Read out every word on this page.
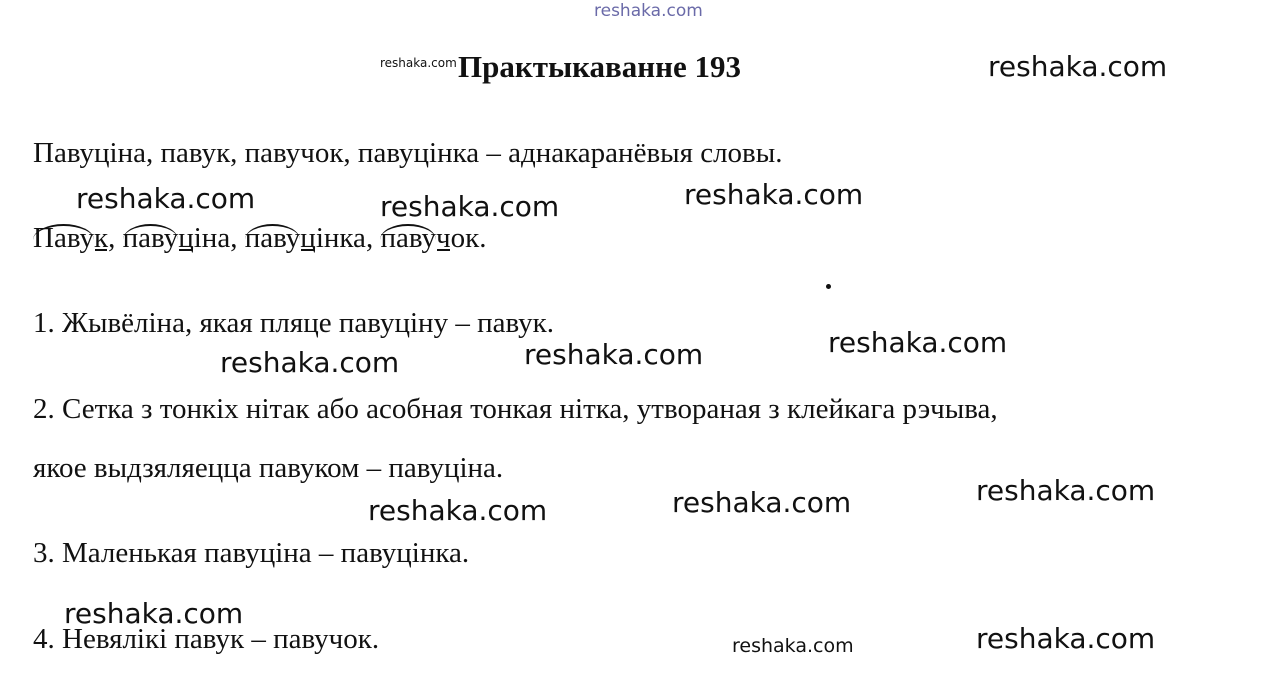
reshaka.com
reshaka.com Практыкаванне 193	reshaka.com
Павуціна, павук, павучок, павуцінка – аднакаранёвыя словы.
reshaka.com	reshaka.com	reshaka.com
Павук,
павуціна,
павуцінка,
павучок.
1. Жывёліна, якая пляце павуціну – павук.
reshaka.com	reshaka.com	reshaka.com
2. Сетка з тонкіх нітак або асобная тонкая нітка, утвораная з клейкага рэчыва,
якое выдзяляецца павуком – павуціна.
reshaka.com
reshaka.com
reshaka.com
3. Маленькая павуціна – павуцінка.
reshaka.com
4. Невялікі павук – павучок.	reshaka.com	reshaka.com
